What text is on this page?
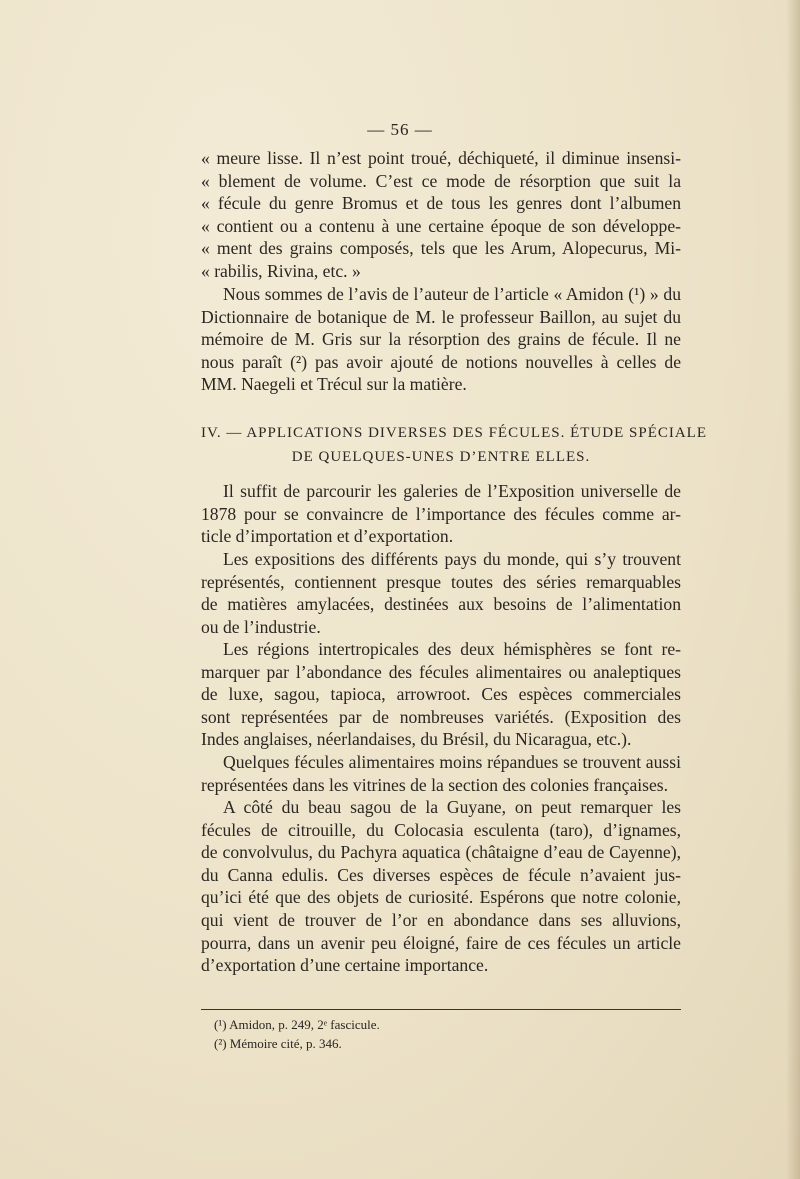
— 56 —
« meure lisse. Il n’est point troué, déchiqueté, il diminue insensi-
« blement de volume. C’est ce mode de résorption que suit la
« fécule du genre Bromus et de tous les genres dont l’albumen
« contient ou a contenu à une certaine époque de son développe-
« ment des grains composés, tels que les Arum, Alopecurus, Mi-
« rabilis, Rivina, etc. »
Nous sommes de l’avis de l’auteur de l’article « Amidon (¹) » du
Dictionnaire de botanique de M. le professeur Baillon, au sujet du
mémoire de M. Gris sur la résorption des grains de fécule. Il ne
nous paraît (²) pas avoir ajouté de notions nouvelles à celles de
MM. Naegeli et Trécul sur la matière.
IV. — APPLICATIONS DIVERSES DES FÉCULES. ÉTUDE SPÉCIALE
DE QUELQUES-UNES D’ENTRE ELLES.
Il suffit de parcourir les galeries de l’Exposition universelle de
1878 pour se convaincre de l’importance des fécules comme ar-
ticle d’importation et d’exportation.
Les expositions des différents pays du monde, qui s’y trouvent
représentés, contiennent presque toutes des séries remarquables
de matières amylacées, destinées aux besoins de l’alimentation
ou de l’industrie.
Les régions intertropicales des deux hémisphères se font re-
marquer par l’abondance des fécules alimentaires ou analeptiques
de luxe, sagou, tapioca, arrowroot. Ces espèces commerciales
sont représentées par de nombreuses variétés. (Exposition des
Indes anglaises, néerlandaises, du Brésil, du Nicaragua, etc.).
Quelques fécules alimentaires moins répandues se trouvent aussi
représentées dans les vitrines de la section des colonies françaises.
A côté du beau sagou de la Guyane, on peut remarquer les
fécules de citrouille, du Colocasia esculenta (taro), d’ignames,
de convolvulus, du Pachyra aquatica (châtaigne d’eau de Cayenne),
du Canna edulis. Ces diverses espèces de fécule n’avaient jus-
qu’ici été que des objets de curiosité. Espérons que notre colonie,
qui vient de trouver de l’or en abondance dans ses alluvions,
pourra, dans un avenir peu éloigné, faire de ces fécules un article
d’exportation d’une certaine importance.
(¹) Amidon, p. 249, 2ᵉ fascicule.
(²) Mémoire cité, p. 346.
